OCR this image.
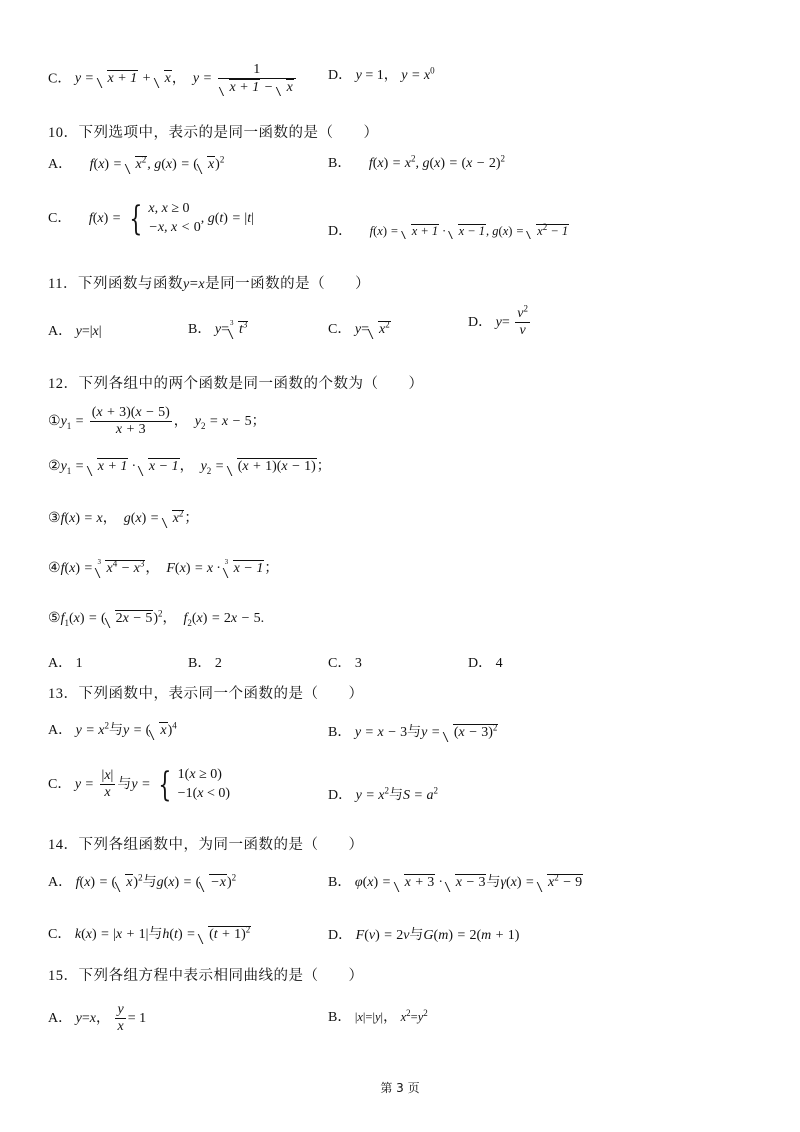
C． y = x + 1 + x， $y = \frac{1}{x + 1 - x}$ D． y = 1， $y = x^0$
10．下列选项中，表示的是同一函数的是（　　）
A． $f(x) = x^2$, g(x) = ( x)$^2$	B． $f(x) = x^2$, $g(x) = (x - 2)^2$
C． f(x) = { x, x ≥ 0
−x, x < 0
, g(t) = |t|
D． f(x) = x + 1 · x − 1, $g(x) = x^2 - 1$
11．下列函数与函数y=x是同一函数的是（　　）
A． y=|x|	B． y= 3 $t^3$	C． $y= x^2$	D． $y= \frac{v^2}{v}$
12．下列各组中的两个函数是同一函数的个数为（　　）
$①y_1 = \frac{(x + 3)(x - 5)}{x + 3}$ ， $y_2 = x - 5$；
$②y_1 = x + 1 \cdot x - 1$， $y_2 = (x + 1)(x - 1)$；
③f(x) = x， $g(x) = x^2$；
④f(x) = 3 $x^4 - x^3$， F(x) = x · 3 x − 1；
$⑤f_1(x)$ = ( 2x − 5)$^2$， $f_2(x) = 2x - 5$.
A． 1	B． 2	C． 3	D． 4
13．下列函数中，表示同一个函数的是（　　）
A． $y = x^2$与y = ( x)$^4$	B． y = x − 3与$y = (x - 3)^2$
C． $y = \frac{|x|}{x}$ 与y = { 1(x ≥ 0)
−1(x < 0)	D． $y = x^2$与$S = a^2$
14．下列各组函数中，为同一函数的是（　　）
A． f(x) = ( x)$^2$与g(x) = ( −x)$^2$	B． φ(x) = x + 3 · x − 3与$\gamma(x) = x^2 - 9$
C． k(x) = |x + 1|与$h(t) = (t + 1)^2$	D． F(v) = 2v与G(m) = 2(m + 1)
15．下列各组方程中表示相同曲线的是（　　）
A． y=x， $\frac{y}{x} = 1$	B． |x|=|y|， $x^2=y^2$
第 3 页
